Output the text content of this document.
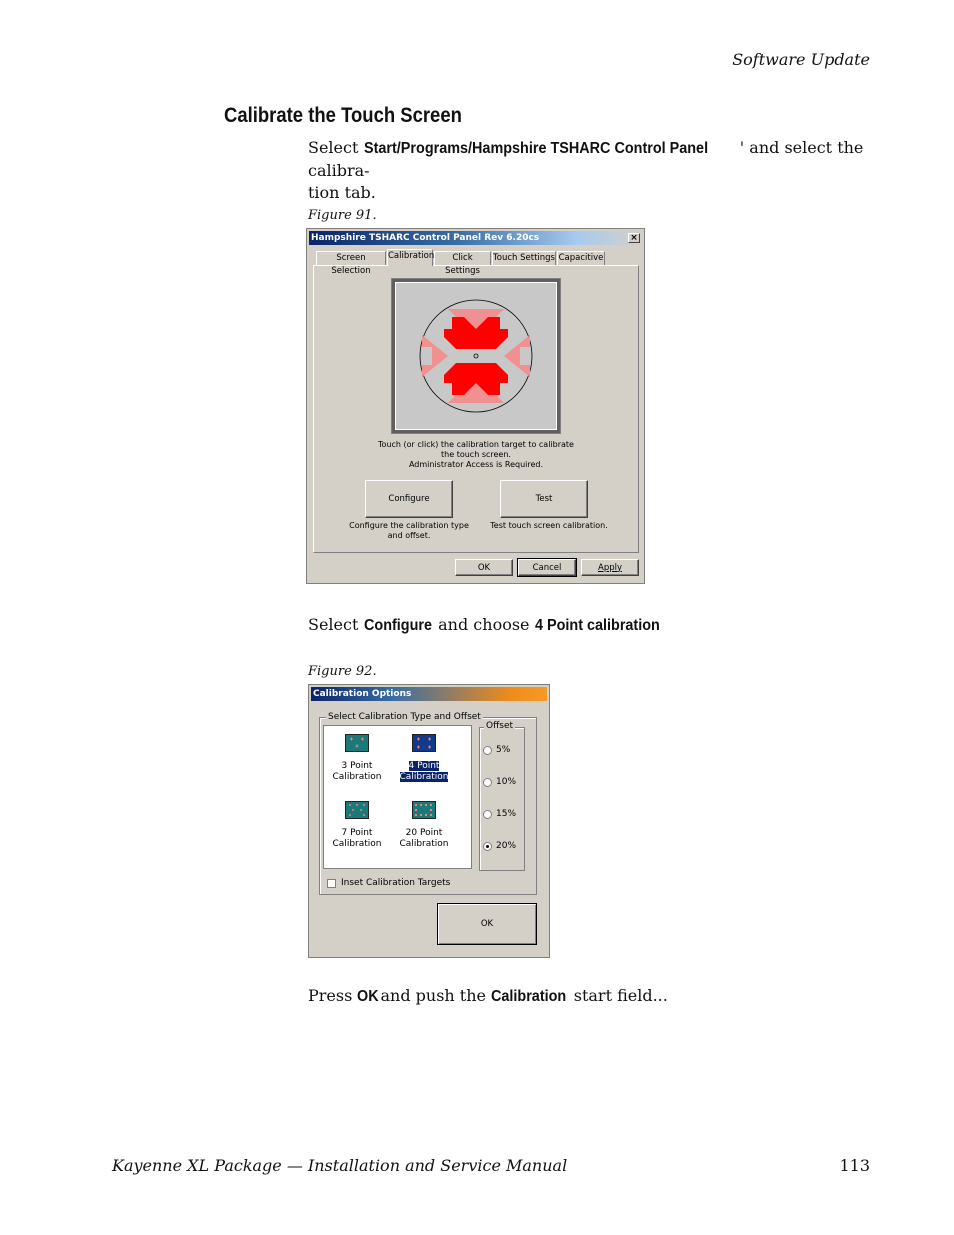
Software Update
Calibrate the Touch Screen
Select Start/Programs/Hampshire TSHARC Control Panel ' and select the calibra-
tion tab.
Figure 91.
Hampshire TSHARC Control Panel Rev 6.20cs	×
Screen Selection
Calibration	Click Settings
Touch Settings Capacitive
Touch (or click) the calibration target to calibrate
the touch screen.
Administrator Access is Required.
Configure	Test
Configure the calibration type
and offset.
Test touch screen calibration.
OK	Cancel	Apply
Select Configure and choose 4 Point calibration
Figure 92.
Calibration Options
Select Calibration Type and Offset
3 Point
Calibration
4 Point
Calibration
7 Point
Calibration
20 Point
Calibration
Offset
5%
10%
15%
20%
Inset Calibration Targets
OK
Press OK and push the Calibration start field...
Kayenne XL Package — Installation and Service Manual	113
